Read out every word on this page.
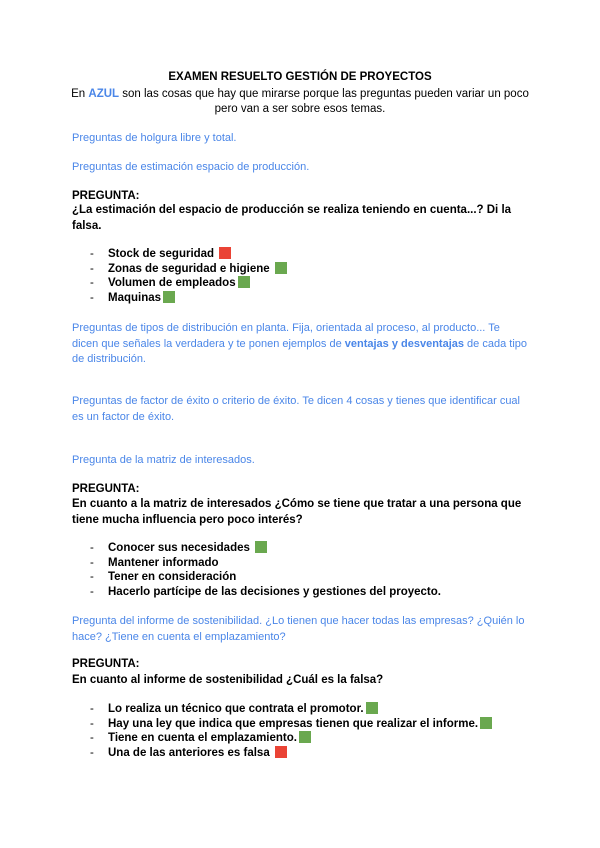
EXAMEN RESUELTO GESTIÓN DE PROYECTOS
En AZUL son las cosas que hay que mirarse porque las preguntas pueden variar un poco pero van a ser sobre esos temas.
Preguntas de holgura libre y total.
Preguntas de estimación espacio de producción.
PREGUNTA:
¿La estimación del espacio de producción se realiza teniendo en cuenta...? Di la falsa.
- Stock de seguridad
- Zonas de seguridad e higiene
- Volumen de empleados
- Maquinas
Preguntas de tipos de distribución en planta. Fija, orientada al proceso, al producto... Te dicen que señales la verdadera y te ponen ejemplos de ventajas y desventajas de cada tipo de distribución.
Preguntas de factor de éxito o criterio de éxito. Te dicen 4 cosas y tienes que identificar cual es un factor de éxito.
Pregunta de la matriz de interesados.
PREGUNTA:
En cuanto a la matriz de interesados ¿Cómo se tiene que tratar a una persona que tiene mucha influencia pero poco interés?
- Conocer sus necesidades
- Mantener informado
- Tener en consideración
- Hacerlo partícipe de las decisiones y gestiones del proyecto.
Pregunta del informe de sostenibilidad. ¿Lo tienen que hacer todas las empresas? ¿Quién lo hace? ¿Tiene en cuenta el emplazamiento?
PREGUNTA:
En cuanto al informe de sostenibilidad ¿Cuál es la falsa?
- Lo realiza un técnico que contrata el promotor.
- Hay una ley que indica que empresas tienen que realizar el informe.
- Tiene en cuenta el emplazamiento.
- Una de las anteriores es falsa
